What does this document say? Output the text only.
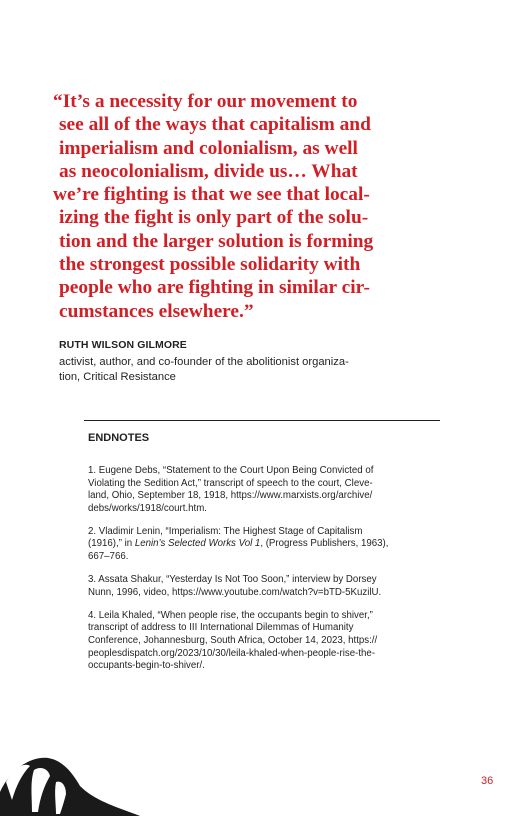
“It’s a necessity for our movement to
see all of the ways that capitalism and
imperialism and colonialism, as well
as neocolonialism, divide us… What
we’re fighting is that we see that local-
izing the fight is only part of the solu-
tion and the larger solution is forming
the strongest possible solidarity with
people who are fighting in similar cir-
cumstances elsewhere.”

RUTH WILSON GILMORE

activist, author, and co-founder of the abolitionist organiza-
tion, Critical Resistance

ENDNOTES

1. Eugene Debs, “Statement to the Court Upon Being Convicted of
Violating the Sedition Act,” transcript of speech to the court, Cleve-
land, Ohio, September 18, 1918, https://www.marxists.org/archive/
debs/works/1918/court.htm.

2. Vladimir Lenin, “Imperialism: The Highest Stage of Capitalism
(1916),” in Lenin’s Selected Works Vol 1, (Progress Publishers, 1963),
667–766.

3. Assata Shakur, “Yesterday Is Not Too Soon,” interview by Dorsey
Nunn, 1996, video, https://www.youtube.com/watch?v=bTD-5KuzilU.

4. Leila Khaled, “When people rise, the occupants begin to shiver,”
transcript of address to III International Dilemmas of Humanity
Conference, Johannesburg, South Africa, October 14, 2023, https://
peoplesdispatch.org/2023/10/30/leila-khaled-when-people-rise-the-
occupants-begin-to-shiver/.

36
